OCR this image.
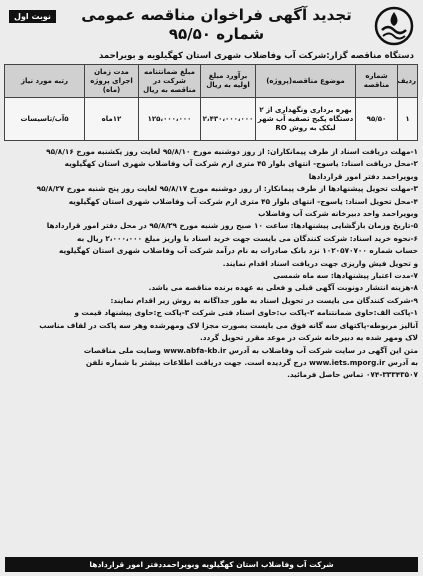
تجدید آگهی فراخوان مناقصه عمومی
شماره ۹۵/۵۰
نوبت اول
دستگاه مناقصه گزار:شرکت آب وفاضلاب شهری استان کهگیلویه و بویراحمد
ردیف	شماره مناقصه	موضوع مناقصه(پروژه)	برآورد مبلغ اولیه به ریال	مبلغ ضمانتنامه شرکت در مناقصه به ریال	مدت زمان اجرای پروژه (ماه)	رتبه مورد نیاز
۱	۹۵/۵۰	بهره برداری ونگهداری از ۲ دستگاه پکیج تصفیه آب شهر لیکک به روش RO	۲،۴۳۰،۰۰۰،۰۰۰	۱۲۵،۰۰۰،۰۰۰	۱۲ماه	۵آب/تاسیسات

۱-مهلت دریافت اسناد از طرف پیمانکاران: از روز دوشنبه مورخ ۹۵/۸/۱۰ لغایت روز یکشنبه مورخ ۹۵/۸/۱۶

۲-محل دریافت اسناد: یاسوج- انتهای بلوار ۴۵ متری ارم شرکت آب وفاضلاب شهری استان کهگیلویه

وبویراحمد دفتر امور قراردادها

۳-مهلت تحویل پیشنهادها از طرف پیمانکار: از روز دوشنبه مورخ ۹۵/۸/۱۷ لغایت روز پنج شنبه مورخ ۹۵/۸/۲۷

۴-محل تحویل اسناد: یاسوج- انتهای بلوار ۴۵ متری ارم شرکت آب وفاضلاب شهری استان کهگیلویه

وبویراحمد واحد دبیرخانه شرکت آب وفاضلاب

۵-تاریخ وزمان بازگشایی پیشنهادها: ساعت ۱۰ صبح روز شنبه مورخ ۹۵/۸/۲۹ در محل دفتر امور قراردادها

۶-نحوه خرید اسناد: شرکت کنندگان می بایست جهت خرید اسناد با واریز مبلغ ۲،۰۰۰،۰۰۰ ریال به

حساب شماره ۱۰۲۰۵۷۰۷۰۰ نزد بانک صادرات به نام درآمد شرکت آب وفاضلاب شهری استان کهگیلویه

و تحویل فیش واریزی جهت دریافت اسناد اقدام نمایند.

۷-مدت اعتبار پیشنهادها: سه ماه شمسی

۸-هزینه انتشار دونوبت آگهی قبلی و فعلی به عهده برنده مناقصه می باشد.

۹-شرکت کنندگان می بایست در تحویل اسناد به طور جداگانه به روش زیر اقدام نمایند:

۱-پاکت الف:حاوی ضمانتنامه ۲-پاکت ب:حاوی اسناد فنی شرکت ۳-پاکت ج:حاوی پیشنهاد قیمت و

آنالیز مربوطه-پاکتهای سه گانه فوق می بایست بصورت مجزا لاک ومهرشده وهر سه پاکت در لفاف مناسب

لاک ومهر شده به دبیرخانه شرکت در موعد مقرر تحویل گردد.

متن این آگهی در سایت شرکت آب وفاضلاب به آدرس www.abfa-kb.ir وسایت ملی مناقصات

به آدرس www.iets.mporg.ir درج گردیده است. جهت دریافت اطلاعات بیشتر با شماره تلفن

۰۷۴-۳۳۳۴۳۵۰۷ تماس حاصل فرمائید.

شرکت آب وفاضلاب استان کهگیلویه وبویراحمددفتر امور قراردادها
